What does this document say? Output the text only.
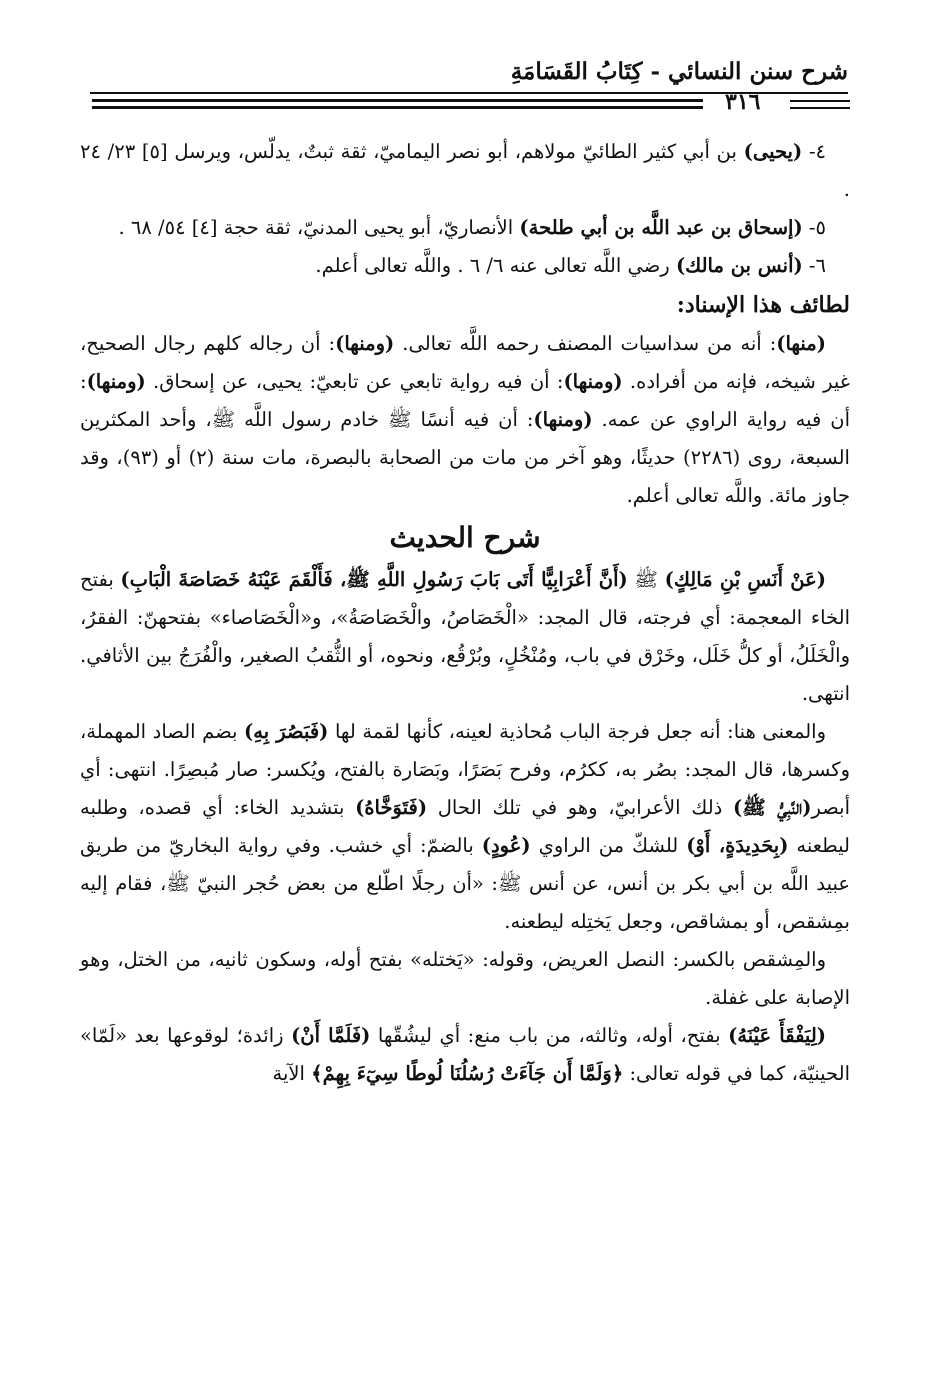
شرح سنن النسائي - كِتَابُ القَسَامَةِ
٣١٦

٤- (يحيى) بن أبي كثير الطائيّ مولاهم، أبو نصر اليماميّ، ثقة ثبتٌ، يدلّس، ويرسل [٥] ٢٣/ ٢٤ .

٥- (إسحاق بن عبد اللَّه بن أبي طلحة) الأنصاريّ، أبو يحيى المدنيّ، ثقة حجة [٤] ٥٤/ ٦٨ .

٦- (أنس بن مالك) رضي اللَّه تعالى عنه ٦/ ٦ . واللَّه تعالى أعلم.

لطائف هذا الإسناد:

(منها): أنه من سداسيات المصنف رحمه اللَّه تعالى. (ومنها): أن رجاله كلهم رجال الصحيح، غير شيخه، فإنه من أفراده. (ومنها): أن فيه رواية تابعي عن تابعيّ: يحيى، عن إسحاق. (ومنها): أن فيه رواية الراوي عن عمه. (ومنها): أن فيه أنسًا ﷺ خادم رسول اللَّه ﷺ، وأحد المكثرين السبعة، روى (٢٢٨٦) حديثًا، وهو آخر من مات من الصحابة بالبصرة، مات سنة (٢) أو (٩٣)، وقد جاوز مائة. واللَّه تعالى أعلم.

شرح الحديث

(عَنْ أَنَسِ بْنِ مَالِكٍ) ﷺ (أَنَّ أَعْرَابِيًّا أَتَى بَابَ رَسُولِ اللَّهِ ﷺ، فَأَلْقَمَ عَيْنَهُ خَصَاصَةَ الْبَابِ) بفتح الخاء المعجمة: أي فرجته، قال المجد: «الْخَصَاصُ، والْخَصَاصَةُ»، و«الْخَصَاصاء» بفتحهنّ: الفقرُ، والْخَلَلُ، أو كلُّ خَلَل، وخَرْق في باب، ومُنْخُلٍ، وبُرْقُع، ونحوه، أو الثُّقبُ الصغير، والْفُرَجُ بين الأثافي. انتهى.

والمعنى هنا: أنه جعل فرجة الباب مُحاذية لعينه، كأنها لقمة لها (فَبَصُرَ بِهِ) بضم الصاد المهملة، وكسرها، قال المجد: بصُر به، ككرُم، وفرح بَصَرًا، وبَصَارة بالفتح، ويُكسر: صار مُبصِرًا. انتهى: أي أبصر(النَّبِيُّ ﷺ) ذلك الأعرابيّ، وهو في تلك الحال (فَتَوَخَّاهُ) بتشديد الخاء: أي قصده، وطلبه ليطعنه (بِحَدِيدَةٍ، أَوْ) للشكّ من الراوي (عُودٍ) بالضمّ: أي خشب. وفي رواية البخاريّ من طريق عبيد اللَّه بن أبي بكر بن أنس، عن أنس ﷺ: «أن رجلًا اطّلع من بعض حُجر النبيّ ﷺ، فقام إليه بمِشقص، أو بمشاقص، وجعل يَختِله ليطعنه.

والمِشقص بالكسر: النصل العريض، وقوله: «يَختله» بفتح أوله، وسكون ثانيه، من الختل، وهو الإصابة على غفلة.

(لِيَفْقَأَ عَيْنَهُ) بفتح، أوله، وثالثه، من باب منع: أي ليشُقّها (فَلَمَّا أَنْ) زائدة؛ لوقوعها بعد «لَمّا» الحينيّة، كما في قوله تعالى: ﴿وَلَمَّا أَن جَآءَتْ رُسُلُنَا لُوطًا سِيٓءَ بِهِمْ﴾ الآية
